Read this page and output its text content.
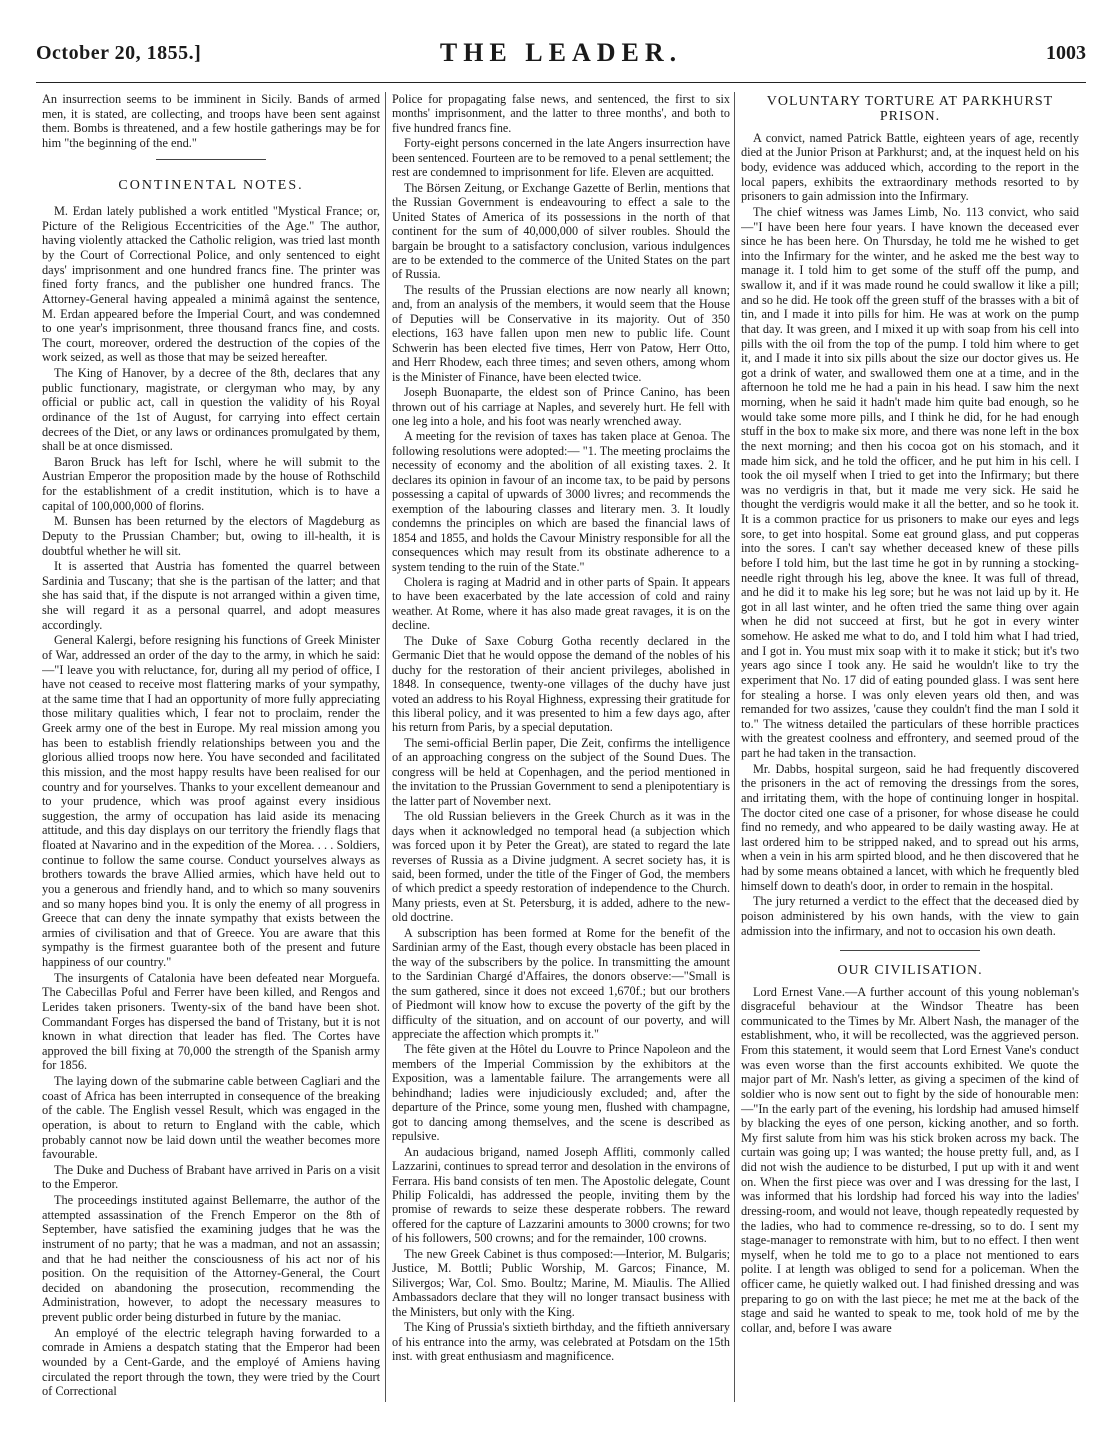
October 20, 1855.]	THE LEADER.	1003

An insurrection seems to be imminent in Sicily. Bands of armed men, it is stated, are collecting, and troops have been sent against them. Bombs is threatened, and a few hostile gatherings may be for him "the beginning of the end."

CONTINENTAL NOTES.

M. Erdan lately published a work entitled "Mystical France; or, Picture of the Religious Eccentricities of the Age." The author, having violently attacked the Catholic religion, was tried last month by the Court of Correctional Police, and only sentenced to eight days' imprisonment and one hundred francs fine. The printer was fined forty francs, and the publisher one hundred francs. The Attorney-General having appealed a minimâ against the sentence, M. Erdan appeared before the Imperial Court, and was condemned to one year's imprisonment, three thousand francs fine, and costs. The court, moreover, ordered the destruction of the copies of the work seized, as well as those that may be seized hereafter.

The King of Hanover, by a decree of the 8th, declares that any public functionary, magistrate, or clergyman who may, by any official or public act, call in question the validity of his Royal ordinance of the 1st of August, for carrying into effect certain decrees of the Diet, or any laws or ordinances promulgated by them, shall be at once dismissed.

Baron Bruck has left for Ischl, where he will submit to the Austrian Emperor the proposition made by the house of Rothschild for the establishment of a credit institution, which is to have a capital of 100,000,000 of florins.

M. Bunsen has been returned by the electors of Magdeburg as Deputy to the Prussian Chamber; but, owing to ill-health, it is doubtful whether he will sit.

It is asserted that Austria has fomented the quarrel between Sardinia and Tuscany; that she is the partisan of the latter; and that she has said that, if the dispute is not arranged within a given time, she will regard it as a personal quarrel, and adopt measures accordingly.

General Kalergi, before resigning his functions of Greek Minister of War, addressed an order of the day to the army, in which he said:—"I leave you with reluctance, for, during all my period of office, I have not ceased to receive most flattering marks of your sympathy, at the same time that I had an opportunity of more fully appreciating those military qualities which, I fear not to proclaim, render the Greek army one of the best in Europe. My real mission among you has been to establish friendly relationships between you and the glorious allied troops now here. You have seconded and facilitated this mission, and the most happy results have been realised for our country and for yourselves. Thanks to your excellent demeanour and to your prudence, which was proof against every insidious suggestion, the army of occupation has laid aside its menacing attitude, and this day displays on our territory the friendly flags that floated at Navarino and in the expedition of the Morea. . . . Soldiers, continue to follow the same course. Conduct yourselves always as brothers towards the brave Allied armies, which have held out to you a generous and friendly hand, and to which so many souvenirs and so many hopes bind you. It is only the enemy of all progress in Greece that can deny the innate sympathy that exists between the armies of civilisation and that of Greece. You are aware that this sympathy is the firmest guarantee both of the present and future happiness of our country."

The insurgents of Catalonia have been defeated near Morguefa. The Cabecillas Poful and Ferrer have been killed, and Rengos and Lerides taken prisoners. Twenty-six of the band have been shot. Commandant Forges has dispersed the band of Tristany, but it is not known in what direction that leader has fled. The Cortes have approved the bill fixing at 70,000 the strength of the Spanish army for 1856.

The laying down of the submarine cable between Cagliari and the coast of Africa has been interrupted in consequence of the breaking of the cable. The English vessel Result, which was engaged in the operation, is about to return to England with the cable, which probably cannot now be laid down until the weather becomes more favourable.

The Duke and Duchess of Brabant have arrived in Paris on a visit to the Emperor.

The proceedings instituted against Bellemarre, the author of the attempted assassination of the French Emperor on the 8th of September, have satisfied the examining judges that he was the instrument of no party; that he was a madman, and not an assassin; and that he had neither the consciousness of his act nor of his position. On the requisition of the Attorney-General, the Court decided on abandoning the prosecution, recommending the Administration, however, to adopt the necessary measures to prevent public order being disturbed in future by the maniac.

An employé of the electric telegraph having forwarded to a comrade in Amiens a despatch stating that the Emperor had been wounded by a Cent-Garde, and the employé of Amiens having circulated the report through the town, they were tried by the Court of Correctional

Police for propagating false news, and sentenced, the first to six months' imprisonment, and the latter to three months', and both to five hundred francs fine.

Forty-eight persons concerned in the late Angers insurrection have been sentenced. Fourteen are to be removed to a penal settlement; the rest are condemned to imprisonment for life. Eleven are acquitted.

The Börsen Zeitung, or Exchange Gazette of Berlin, mentions that the Russian Government is endeavouring to effect a sale to the United States of America of its possessions in the north of that continent for the sum of 40,000,000 of silver roubles. Should the bargain be brought to a satisfactory conclusion, various indulgences are to be extended to the commerce of the United States on the part of Russia.

The results of the Prussian elections are now nearly all known; and, from an analysis of the members, it would seem that the House of Deputies will be Conservative in its majority. Out of 350 elections, 163 have fallen upon men new to public life. Count Schwerin has been elected five times, Herr von Patow, Herr Otto, and Herr Rhodew, each three times; and seven others, among whom is the Minister of Finance, have been elected twice.

Joseph Buonaparte, the eldest son of Prince Canino, has been thrown out of his carriage at Naples, and severely hurt. He fell with one leg into a hole, and his foot was nearly wrenched away.

A meeting for the revision of taxes has taken place at Genoa. The following resolutions were adopted:— "1. The meeting proclaims the necessity of economy and the abolition of all existing taxes. 2. It declares its opinion in favour of an income tax, to be paid by persons possessing a capital of upwards of 3000 livres; and recommends the exemption of the labouring classes and literary men. 3. It loudly condemns the principles on which are based the financial laws of 1854 and 1855, and holds the Cavour Ministry responsible for all the consequences which may result from its obstinate adherence to a system tending to the ruin of the State."

Cholera is raging at Madrid and in other parts of Spain. It appears to have been exacerbated by the late accession of cold and rainy weather. At Rome, where it has also made great ravages, it is on the decline.

The Duke of Saxe Coburg Gotha recently declared in the Germanic Diet that he would oppose the demand of the nobles of his duchy for the restoration of their ancient privileges, abolished in 1848. In consequence, twenty-one villages of the duchy have just voted an address to his Royal Highness, expressing their gratitude for this liberal policy, and it was presented to him a few days ago, after his return from Paris, by a special deputation.

The semi-official Berlin paper, Die Zeit, confirms the intelligence of an approaching congress on the subject of the Sound Dues. The congress will be held at Copenhagen, and the period mentioned in the invitation to the Prussian Government to send a plenipotentiary is the latter part of November next.

The old Russian believers in the Greek Church as it was in the days when it acknowledged no temporal head (a subjection which was forced upon it by Peter the Great), are stated to regard the late reverses of Russia as a Divine judgment. A secret society has, it is said, been formed, under the title of the Finger of God, the members of which predict a speedy restoration of independence to the Church. Many priests, even at St. Petersburg, it is added, adhere to the new-old doctrine.

A subscription has been formed at Rome for the benefit of the Sardinian army of the East, though every obstacle has been placed in the way of the subscribers by the police. In transmitting the amount to the Sardinian Chargé d'Affaires, the donors observe:—"Small is the sum gathered, since it does not exceed 1,670f.; but our brothers of Piedmont will know how to excuse the poverty of the gift by the difficulty of the situation, and on account of our poverty, and will appreciate the affection which prompts it."

The fête given at the Hôtel du Louvre to Prince Napoleon and the members of the Imperial Commission by the exhibitors at the Exposition, was a lamentable failure. The arrangements were all behindhand; ladies were injudiciously excluded; and, after the departure of the Prince, some young men, flushed with champagne, got to dancing among themselves, and the scene is described as repulsive.

An audacious brigand, named Joseph Affliti, commonly called Lazzarini, continues to spread terror and desolation in the environs of Ferrara. His band consists of ten men. The Apostolic delegate, Count Philip Folicaldi, has addressed the people, inviting them by the promise of rewards to seize these desperate robbers. The reward offered for the capture of Lazzarini amounts to 3000 crowns; for two of his followers, 500 crowns; and for the remainder, 100 crowns.

The new Greek Cabinet is thus composed:—Interior, M. Bulgaris; Justice, M. Bottli; Public Worship, M. Garcos; Finance, M. Silivergos; War, Col. Smo. Boultz; Marine, M. Miaulis. The Allied Ambassadors declare that they will no longer transact business with the Ministers, but only with the King.

The King of Prussia's sixtieth birthday, and the fiftieth anniversary of his entrance into the army, was celebrated at Potsdam on the 15th inst. with great enthusiasm and magnificence.

VOLUNTARY TORTURE AT PARKHURST PRISON.

A convict, named Patrick Battle, eighteen years of age, recently died at the Junior Prison at Parkhurst; and, at the inquest held on his body, evidence was adduced which, according to the report in the local papers, exhibits the extraordinary methods resorted to by prisoners to gain admission into the Infirmary.

The chief witness was James Limb, No. 113 convict, who said—"I have been here four years. I have known the deceased ever since he has been here. On Thursday, he told me he wished to get into the Infirmary for the winter, and he asked me the best way to manage it. I told him to get some of the stuff off the pump, and swallow it, and if it was made round he could swallow it like a pill; and so he did. He took off the green stuff of the brasses with a bit of tin, and I made it into pills for him. He was at work on the pump that day. It was green, and I mixed it up with soap from his cell into pills with the oil from the top of the pump. I told him where to get it, and I made it into six pills about the size our doctor gives us. He got a drink of water, and swallowed them one at a time, and in the afternoon he told me he had a pain in his head. I saw him the next morning, when he said it hadn't made him quite bad enough, so he would take some more pills, and I think he did, for he had enough stuff in the box to make six more, and there was none left in the box the next morning; and then his cocoa got on his stomach, and it made him sick, and he told the officer, and he put him in his cell. I took the oil myself when I tried to get into the Infirmary; but there was no verdigris in that, but it made me very sick. He said he thought the verdigris would make it all the better, and so he took it. It is a common practice for us prisoners to make our eyes and legs sore, to get into hospital. Some eat ground glass, and put copperas into the sores. I can't say whether deceased knew of these pills before I told him, but the last time he got in by running a stocking-needle right through his leg, above the knee. It was full of thread, and he did it to make his leg sore; but he was not laid up by it. He got in all last winter, and he often tried the same thing over again when he did not succeed at first, but he got in every winter somehow. He asked me what to do, and I told him what I had tried, and I got in. You must mix soap with it to make it stick; but it's two years ago since I took any. He said he wouldn't like to try the experiment that No. 17 did of eating pounded glass. I was sent here for stealing a horse. I was only eleven years old then, and was remanded for two assizes, 'cause they couldn't find the man I sold it to." The witness detailed the particulars of these horrible practices with the greatest coolness and effrontery, and seemed proud of the part he had taken in the transaction.

Mr. Dabbs, hospital surgeon, said he had frequently discovered the prisoners in the act of removing the dressings from the sores, and irritating them, with the hope of continuing longer in hospital. The doctor cited one case of a prisoner, for whose disease he could find no remedy, and who appeared to be daily wasting away. He at last ordered him to be stripped naked, and to spread out his arms, when a vein in his arm spirted blood, and he then discovered that he had by some means obtained a lancet, with which he frequently bled himself down to death's door, in order to remain in the hospital.

The jury returned a verdict to the effect that the deceased died by poison administered by his own hands, with the view to gain admission into the infirmary, and not to occasion his own death.

OUR CIVILISATION.

Lord Ernest Vane.—A further account of this young nobleman's disgraceful behaviour at the Windsor Theatre has been communicated to the Times by Mr. Albert Nash, the manager of the establishment, who, it will be recollected, was the aggrieved person. From this statement, it would seem that Lord Ernest Vane's conduct was even worse than the first accounts exhibited. We quote the major part of Mr. Nash's letter, as giving a specimen of the kind of soldier who is now sent out to fight by the side of honourable men:—"In the early part of the evening, his lordship had amused himself by blacking the eyes of one person, kicking another, and so forth. My first salute from him was his stick broken across my back. The curtain was going up; I was wanted; the house pretty full, and, as I did not wish the audience to be disturbed, I put up with it and went on. When the first piece was over and I was dressing for the last, I was informed that his lordship had forced his way into the ladies' dressing-room, and would not leave, though repeatedly requested by the ladies, who had to commence re-dressing, so to do. I sent my stage-manager to remonstrate with him, but to no effect. I then went myself, when he told me to go to a place not mentioned to ears polite. I at length was obliged to send for a policeman. When the officer came, he quietly walked out. I had finished dressing and was preparing to go on with the last piece; he met me at the back of the stage and said he wanted to speak to me, took hold of me by the collar, and, before I was aware
